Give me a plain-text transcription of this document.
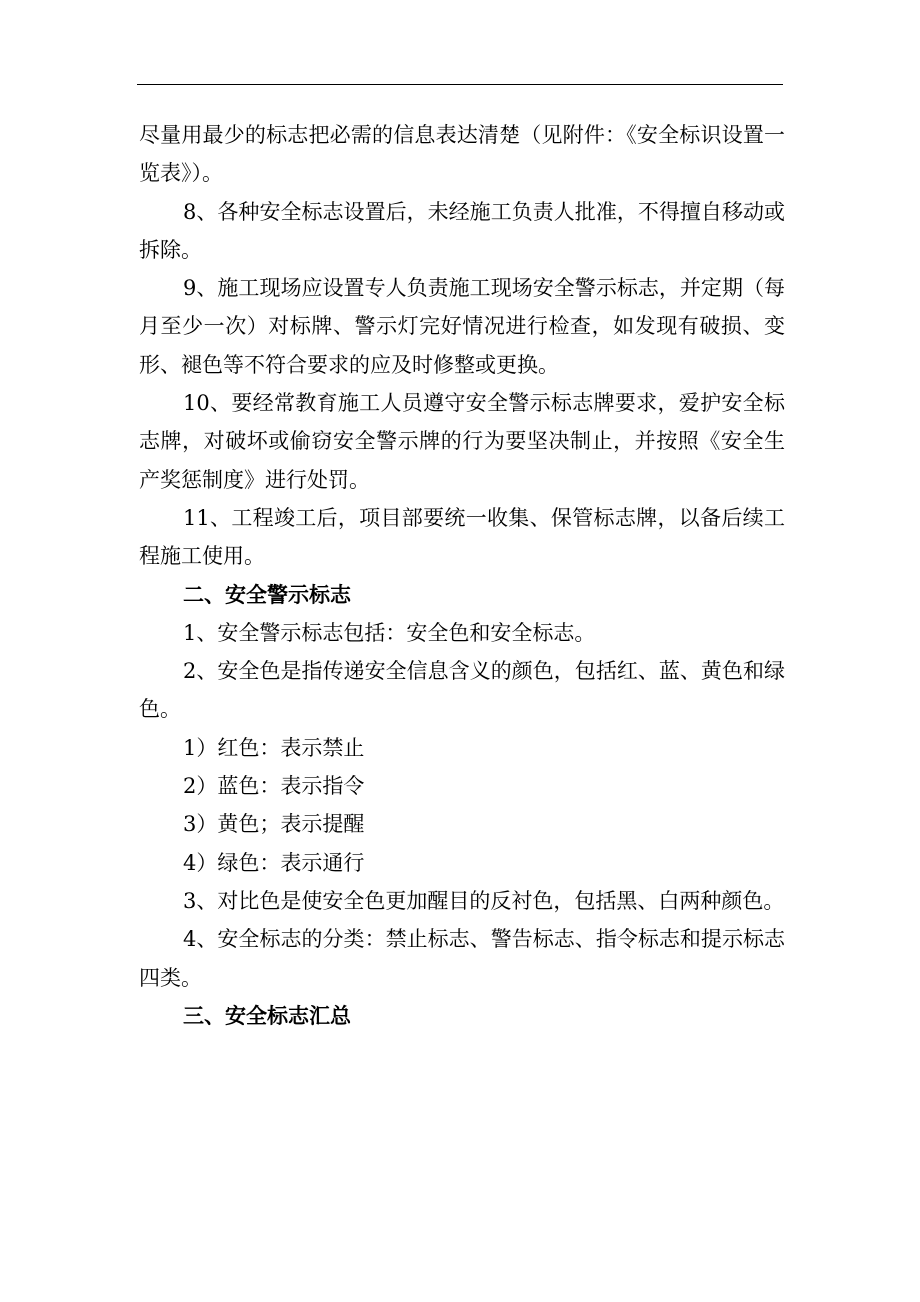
尽量用最少的标志把必需的信息表达清楚（见附件：《安全标识设置一览表》）。

8、各种安全标志设置后，未经施工负责人批准，不得擅自移动或拆除。

9、施工现场应设置专人负责施工现场安全警示标志，并定期（每月至少一次）对标牌、警示灯完好情况进行检查，如发现有破损、变形、褪色等不符合要求的应及时修整或更换。

10、要经常教育施工人员遵守安全警示标志牌要求，爱护安全标志牌，对破坏或偷窃安全警示牌的行为要坚决制止，并按照《安全生产奖惩制度》进行处罚。

11、工程竣工后，项目部要统一收集、保管标志牌，以备后续工程施工使用。

二、安全警示标志

1、安全警示标志包括：安全色和安全标志。

2、安全色是指传递安全信息含义的颜色，包括红、蓝、黄色和绿色。

1）红色：表示禁止

2）蓝色：表示指令

3）黄色；表示提醒

4）绿色：表示通行

3、对比色是使安全色更加醒目的反衬色，包括黑、白两种颜色。

4、安全标志的分类：禁止标志、警告标志、指令标志和提示标志四类。

三、安全标志汇总
